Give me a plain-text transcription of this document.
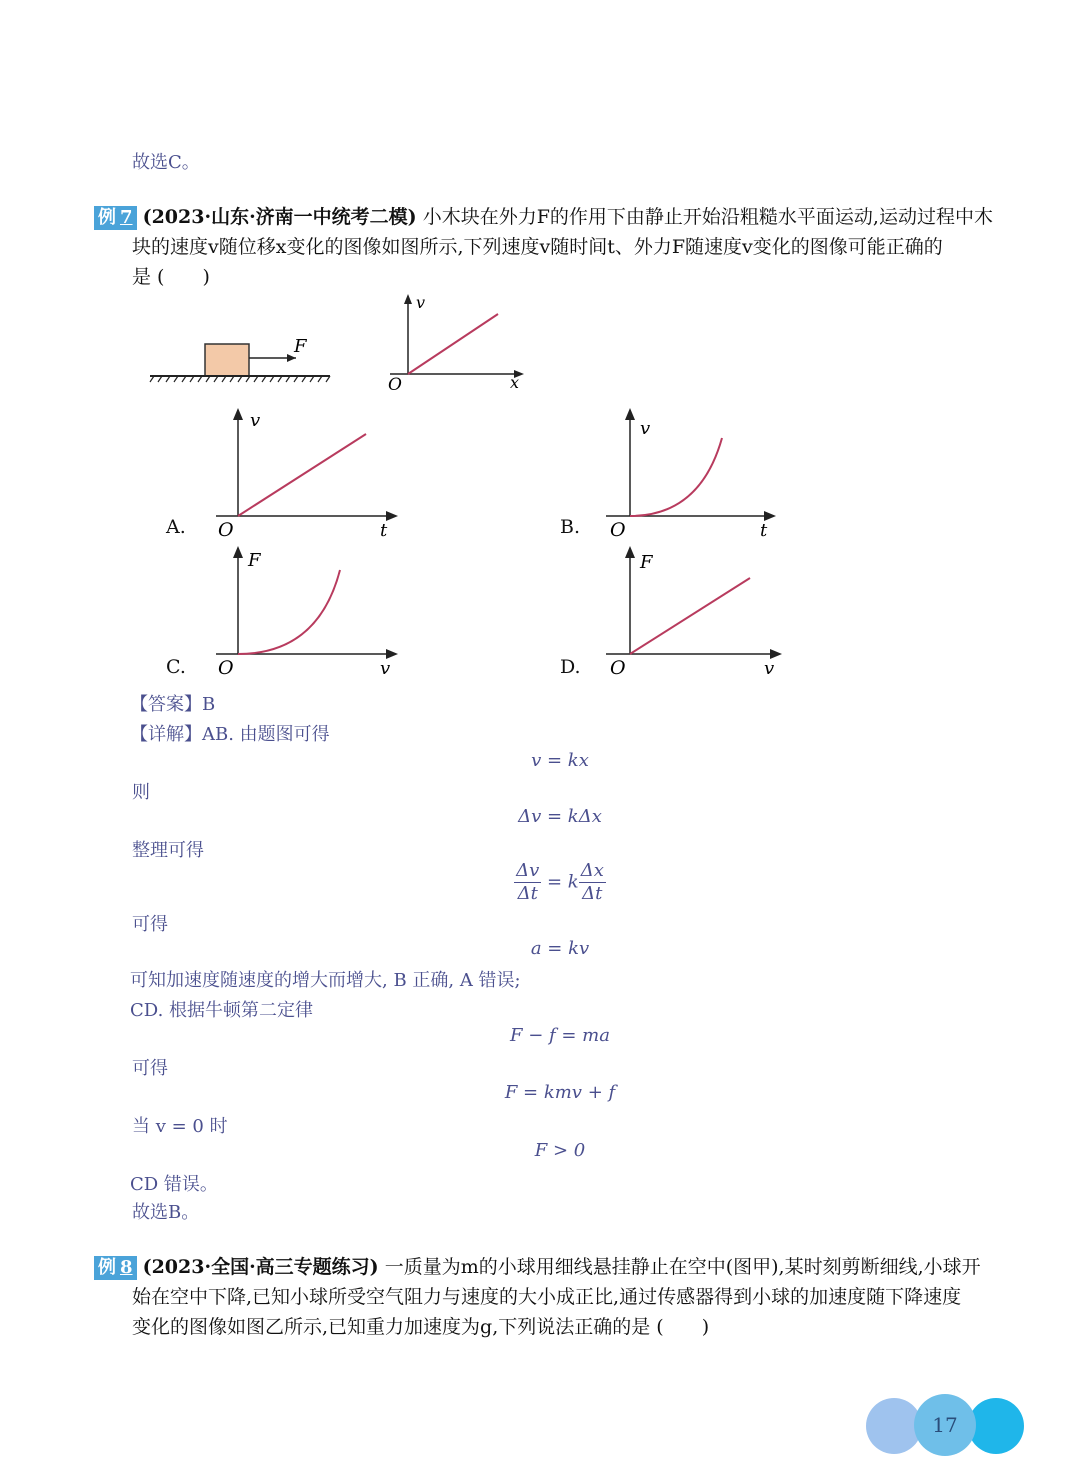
故选C。
例 7 (2023·山东·济南一中统考二模) 小木块在外力F的作用下由静止开始沿粗糙水平面运动,运动过程中木
块的速度v随位移x变化的图像如图所示,下列速度v随时间t、外力F随速度v变化的图像可能正确的
是 (　　)
F
v
O	x
A.
v
O	t	B.
v
O	t
C.
F
O	v	D.
F
O	v
【答案】B
【详解】AB. 由题图可得
v = kx
则
Δv = kΔx
整理可得
$\frac{\Delta v}{\Delta t} = k \frac{\Delta x}{\Delta t}$
可得
a = kv
可知加速度随速度的增大而增大, B 正确, A 错误;
CD. 根据牛顿第二定律
F − f = ma
可得
F = kmv + f
当 v = 0 时
F > 0
CD 错误。
故选B。
例 8 (2023·全国·高三专题练习) 一质量为m的小球用细线悬挂静止在空中(图甲),某时刻剪断细线,小球开
始在空中下降,已知小球所受空气阻力与速度的大小成正比,通过传感器得到小球的加速度随下降速度
变化的图像如图乙所示,已知重力加速度为g,下列说法正确的是 (　　)
17
